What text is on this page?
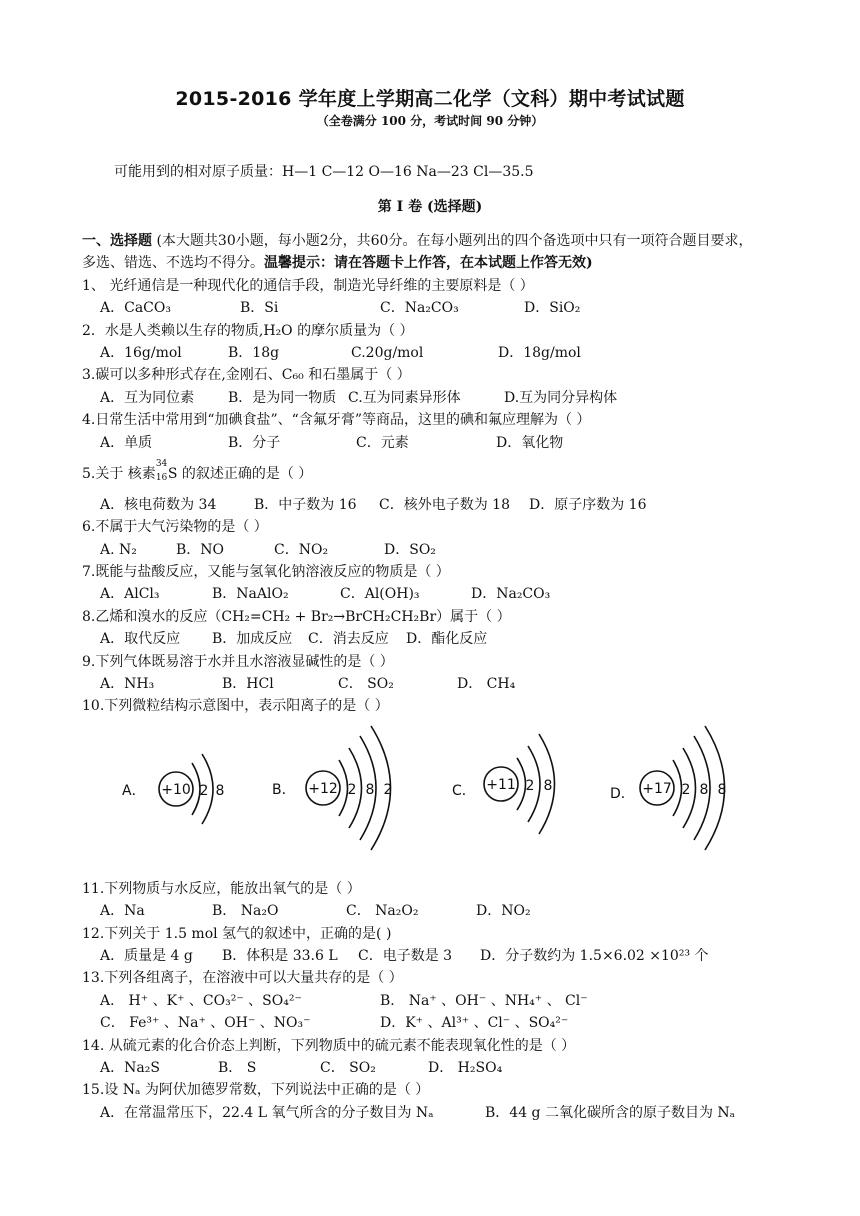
2015-2016 学年度上学期高二化学（文科）期中考试试题
（全卷满分 100 分，考试时间 90 分钟）
可能用到的相对原子质量：H—1 C—12 O—16 Na—23 Cl—35.5
第 I 卷 (选择题)
一、选择题 (本大题共30小题，每小题2分，共60分。在每小题列出的四个备选项中只有一项符合题目要求，
多选、错选、不选均不得分。温馨提示：请在答题卡上作答，在本试题上作答无效)
1、 光纤通信是一种现代化的通信手段，制造光导纤维的主要原料是（ ）
A．CaCO₃	B．Si	C．Na₂CO₃	D．SiO₂
2．水是人类赖以生存的物质,H₂O 的摩尔质量为（ ）
A．16g/mol	B．18g	C.20g/mol	D．18g/mol
3.碳可以多种形式存在,金刚石、C₆₀ 和石墨属于（ ）
A．互为同位素	B．是为同一物质 C.互为同素异形体	D.互为同分异构体
4.日常生活中常用到“加碘食盐”、“含氟牙膏”等商品，这里的碘和氟应理解为（ ）
A．单质	B．分子	C．元素	D．氧化物
5.关于 核素
34
16 S 的叙述正确的是（ ）
A．核电荷数为 34	B．中子数为 16	C．核外电子数为 18	D．原子序数为 16
6.不属于大气污染物的是（ ）
A. N₂	B．NO	C．NO₂	D．SO₂
7.既能与盐酸反应，又能与氢氧化钠溶液反应的物质是（ ）
A．AlCl₃	B．NaAlO₂	C．Al(OH)₃	D．Na₂CO₃
8.乙烯和溴水的反应（CH₂=CH₂ + Br₂→BrCH₂CH₂Br）属于（ ）
A．取代反应	B．加成反应	C．消去反应	D．酯化反应
9.下列气体既易溶于水并且水溶液显碱性的是（ ）
A．NH₃	B．HCl	C． SO₂	D． CH₄
10.下列微粒结构示意图中，表示阳离子的是（ ）
A． +10 2 8	B． +12 2 8 2	C． +11 2 8	D． +17 2 8 8
11.下列物质与水反应，能放出氧气的是（ ）
A．Na	B． Na₂O	C． Na₂O₂	D．NO₂
12.下列关于 1.5 mol 氢气的叙述中，正确的是( )
A．质量是 4 g	B．体积是 33.6 L	C．电子数是 3	D．分子数约为 1.5×6.02 ×10²³ 个
13.下列各组离子，在溶液中可以大量共存的是（ ）
A． H⁺ 、K⁺ 、CO₃²⁻ 、SO₄²⁻	B． Na⁺ 、OH⁻ 、NH₄⁺ 、 Cl⁻
C． Fe³⁺ 、Na⁺ 、OH⁻ 、NO₃⁻	D．K⁺ 、Al³⁺ 、Cl⁻ 、SO₄²⁻
14. 从硫元素的化合价态上判断，下列物质中的硫元素不能表现氧化性的是（ ）
A．Na₂S	B． S	C． SO₂	D． H₂SO₄
15.设 Nₐ 为阿伏加德罗常数，下列说法中正确的是（ ）
A．在常温常压下，22.4 L 氧气所含的分子数目为 Nₐ	B．44 g 二氧化碳所含的原子数目为 Nₐ
